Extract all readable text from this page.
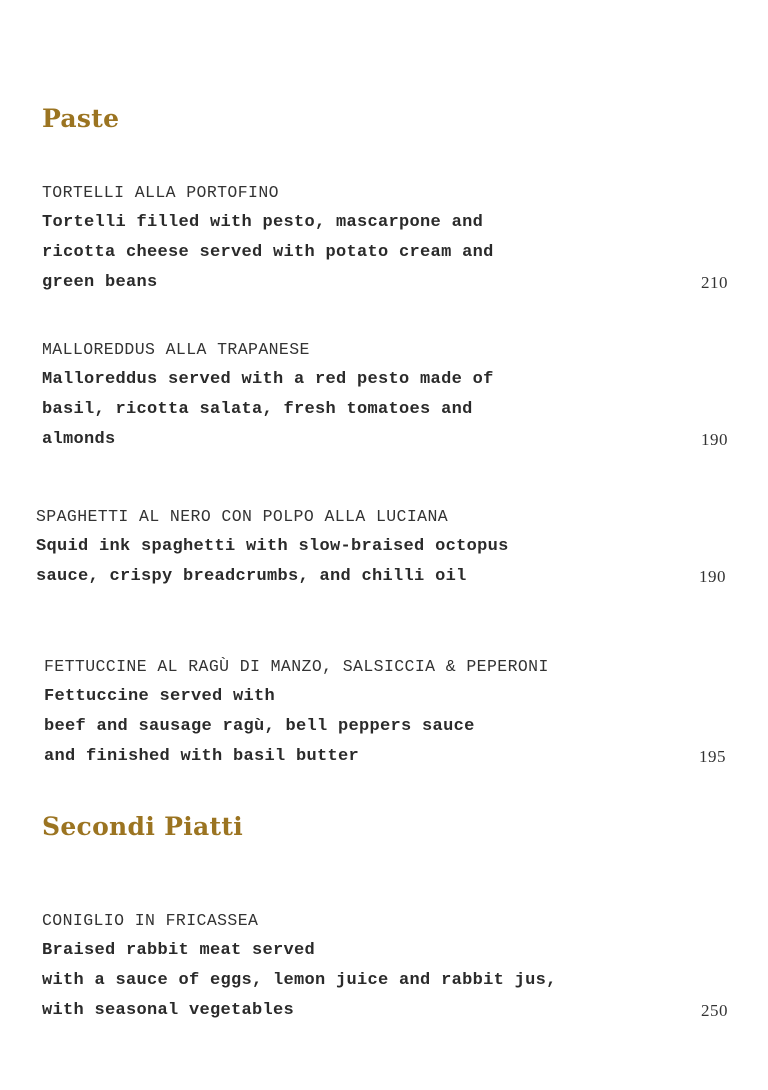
Paste
TORTELLI ALLA PORTOFINO
Tortelli filled with pesto, mascarpone and
ricotta cheese served with potato cream and
green beans	210
MALLOREDDUS ALLA TRAPANESE
Malloreddus served with a red pesto made of
basil, ricotta salata, fresh tomatoes and
almonds	190
SPAGHETTI AL NERO CON POLPO ALLA LUCIANA
Squid ink spaghetti with slow-braised octopus
sauce, crispy breadcrumbs, and chilli oil	190
FETTUCCINE AL RAGÙ DI MANZO, SALSICCIA & PEPERONI
Fettuccine served with
beef and sausage ragù, bell peppers sauce
and finished with basil butter	195
Secondi Piatti
CONIGLIO IN FRICASSEA
Braised rabbit meat served
with a sauce of eggs, lemon juice and rabbit jus,
with seasonal vegetables	250
